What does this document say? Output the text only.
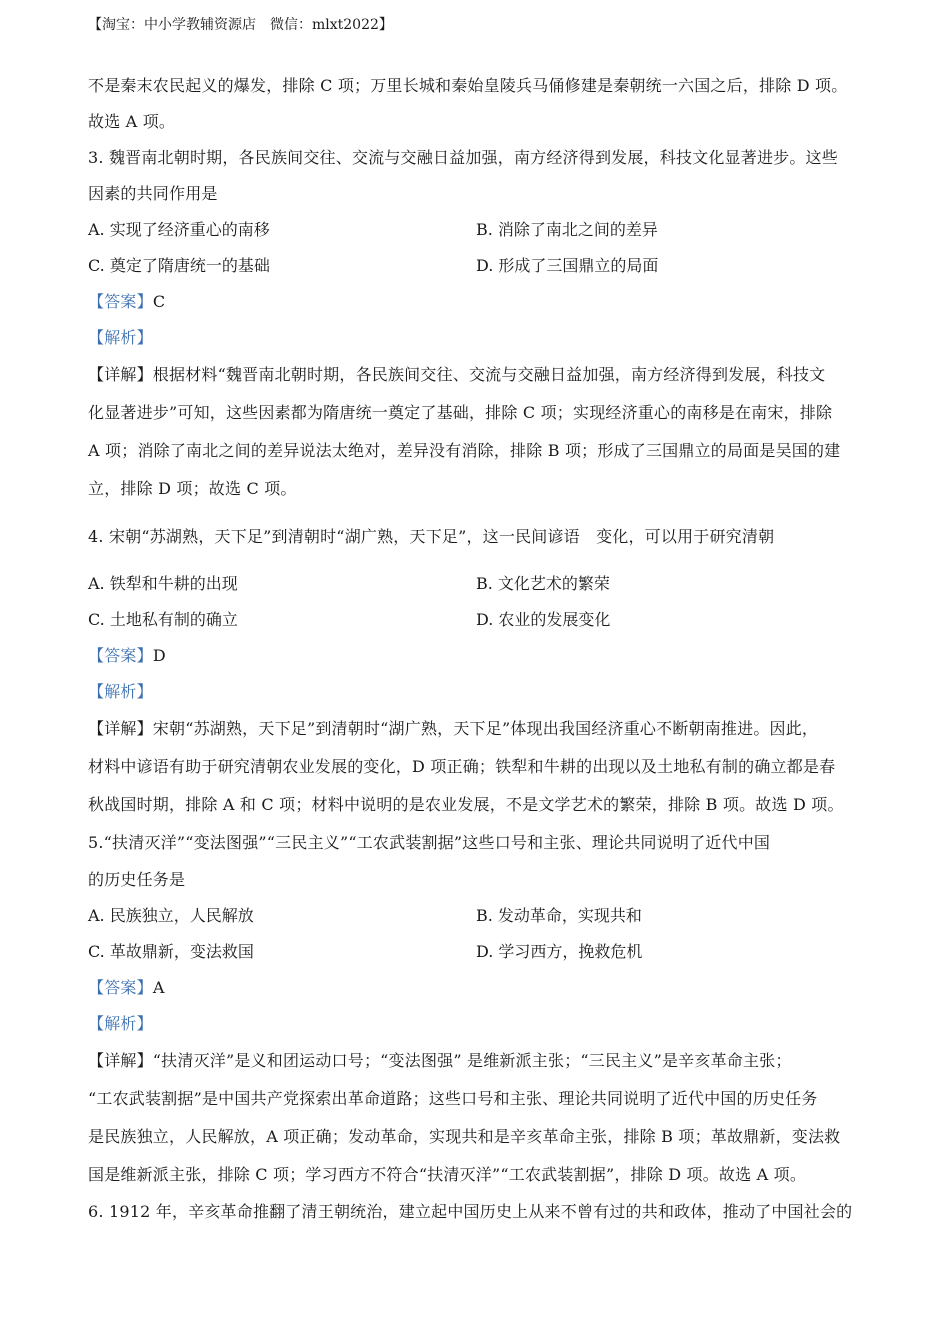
【淘宝：中小学教辅资源店　微信：mlxt2022】
不是秦末农民起义的爆发，排除 C 项；万里长城和秦始皇陵兵马俑修建是秦朝统一六国之后，排除 D 项。
故选 A 项。
3. 魏晋南北朝时期，各民族间交往、交流与交融日益加强，南方经济得到发展，科技文化显著进步。这些
因素的共同作用是
A. 实现了经济重心的南移	B. 消除了南北之间的差异
C. 奠定了隋唐统一的基础	D. 形成了三国鼎立的局面
【答案】C
【解析】
【详解】根据材料“魏晋南北朝时期，各民族间交往、交流与交融日益加强，南方经济得到发展，科技文
化显著进步”可知，这些因素都为隋唐统一奠定了基础，排除 C 项；实现经济重心的南移是在南宋，排除
A 项；消除了南北之间的差异说法太绝对，差异没有消除，排除 B 项；形成了三国鼎立的局面是吴国的建
立，排除 D 项；故选 C 项。
4. 宋朝“苏湖熟，天下足”到清朝时“湖广熟，天下足”，这一民间谚语　变化，可以用于研究清朝
A. 铁犁和牛耕的出现	B. 文化艺术的繁荣
C. 土地私有制的确立	D. 农业的发展变化
【答案】D
【解析】
【详解】宋朝“苏湖熟，天下足”到清朝时“湖广熟，天下足”体现出我国经济重心不断朝南推进。因此，
材料中谚语有助于研究清朝农业发展的变化，D 项正确；铁犁和牛耕的出现以及土地私有制的确立都是春
秋战国时期，排除 A 和 C 项；材料中说明的是农业发展，不是文学艺术的繁荣，排除 B 项。故选 D 项。
5.“扶清灭洋”“变法图强”“三民主义”“工农武装割据”这些口号和主张、理论共同说明了近代中国
的历史任务是
A. 民族独立，人民解放	B. 发动革命，实现共和
C. 革故鼎新，变法救国	D. 学习西方，挽救危机
【答案】A
【解析】
【详解】“扶清灭洋”是义和团运动口号；“变法图强” 是维新派主张；“三民主义”是辛亥革命主张；
“工农武装割据”是中国共产党探索出革命道路；这些口号和主张、理论共同说明了近代中国的历史任务
是民族独立，人民解放，A 项正确；发动革命，实现共和是辛亥革命主张，排除 B 项；革故鼎新，变法救
国是维新派主张，排除 C 项；学习西方不符合“扶清灭洋”“工农武装割据”，排除 D 项。故选 A 项。
6. 1912 年，辛亥革命推翻了清王朝统治，建立起中国历史上从来不曾有过的共和政体，推动了中国社会的
